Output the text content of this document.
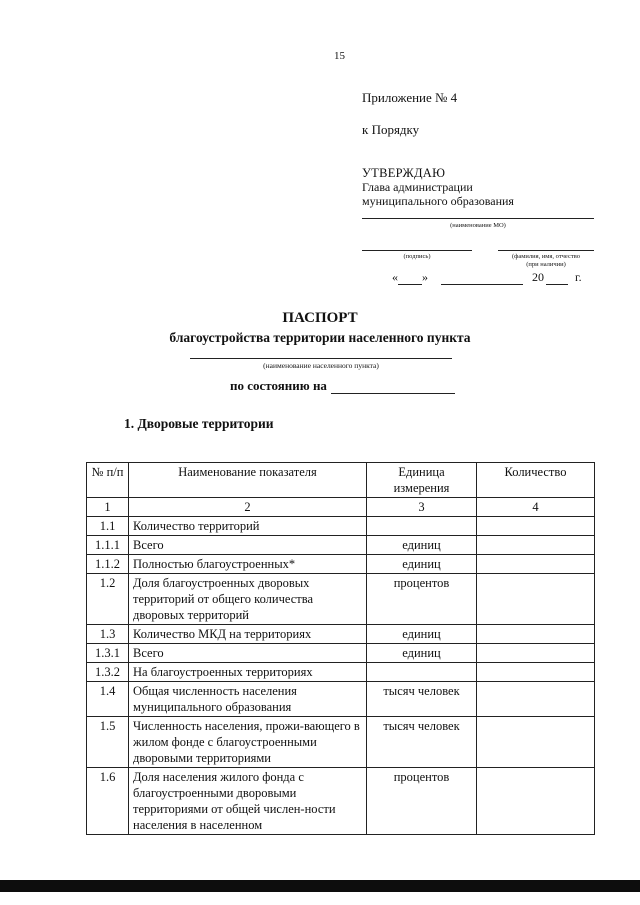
15
Приложение № 4
к Порядку
УТВЕРЖДАЮ
Глава администрации
муниципального образования
(наименование МО)
(подпись)	(фамилия, имя, отчество
(при наличии)
« »	20	г.
ПАСПОРТ
благоустройства территории населенного пункта
(наименование населенного пункта)
по состоянию на
1. Дворовые территории
№ п/п	Наименование показателя	Единица измерения	Количество
1	2	3	4
1.1	Количество территорий		
1.1.1	Всего	единиц	
1.1.2	Полностью благоустроенных*	единиц	
1.2	Доля благоустроенных дворовых территорий от общего количества дворовых территорий	процентов	
1.3	Количество МКД на территориях	единиц	
1.3.1	Всего	единиц	
1.3.2	На благоустроенных территориях		
1.4	Общая численность населения муниципального образования	тысяч человек	
1.5	Численность населения, прожи-вающего в жилом фонде с благоустроенными дворовыми территориями	тысяч человек	
1.6	Доля населения жилого фонда с благоустроенными дворовыми территориями от общей числен-ности населения в населенном	процентов	
